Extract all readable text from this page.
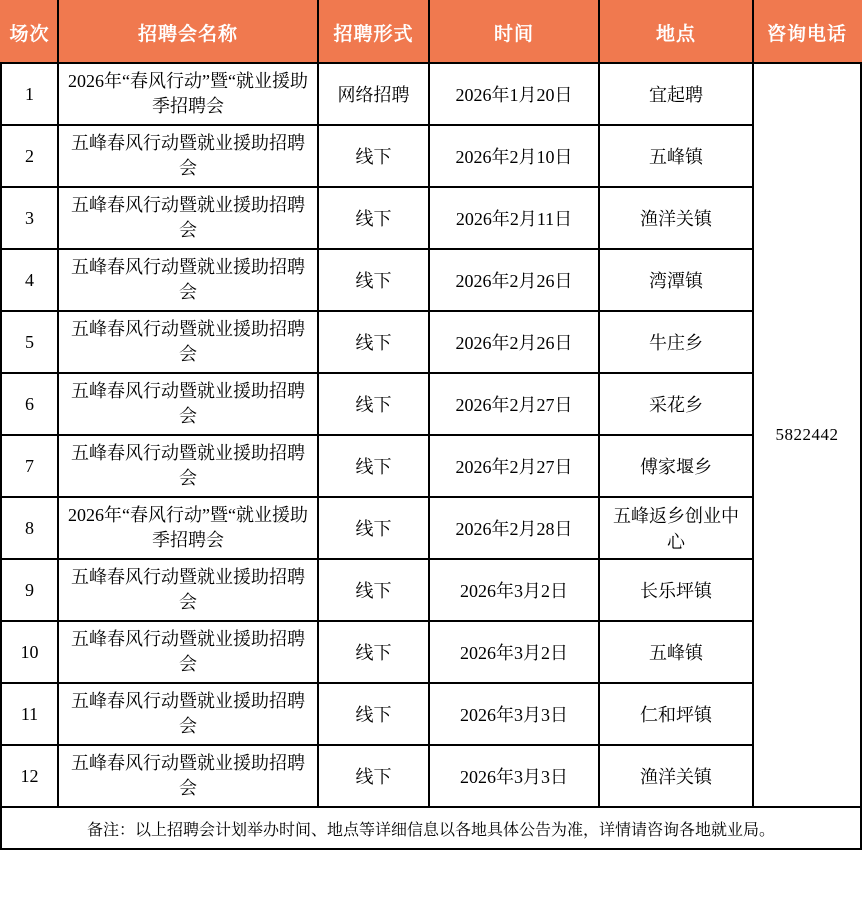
场次	招聘会名称	招聘形式	时间	地点	咨询电话
1	2026年“春风行动”暨“就业援助季招聘会	网络招聘	2026年1月20日	宜起聘	5822442
2	五峰春风行动暨就业援助招聘会	线下	2026年2月10日	五峰镇	
3	五峰春风行动暨就业援助招聘会	线下	2026年2月11日	渔洋关镇	
4	五峰春风行动暨就业援助招聘会	线下	2026年2月26日	湾潭镇	
5	五峰春风行动暨就业援助招聘会	线下	2026年2月26日	牛庄乡	
6	五峰春风行动暨就业援助招聘会	线下	2026年2月27日	采花乡	
7	五峰春风行动暨就业援助招聘会	线下	2026年2月27日	傅家堰乡	
8	2026年“春风行动”暨“就业援助季招聘会	线下	2026年2月28日	五峰返乡创业中心	
9	五峰春风行动暨就业援助招聘会	线下	2026年3月2日	长乐坪镇	
10	五峰春风行动暨就业援助招聘会	线下	2026年3月2日	五峰镇	
11	五峰春风行动暨就业援助招聘会	线下	2026年3月3日	仁和坪镇	
12	五峰春风行动暨就业援助招聘会	线下	2026年3月3日	渔洋关镇	
备注：以上招聘会计划举办时间、地点等详细信息以各地具体公告为准，详情请咨询各地就业局。					
